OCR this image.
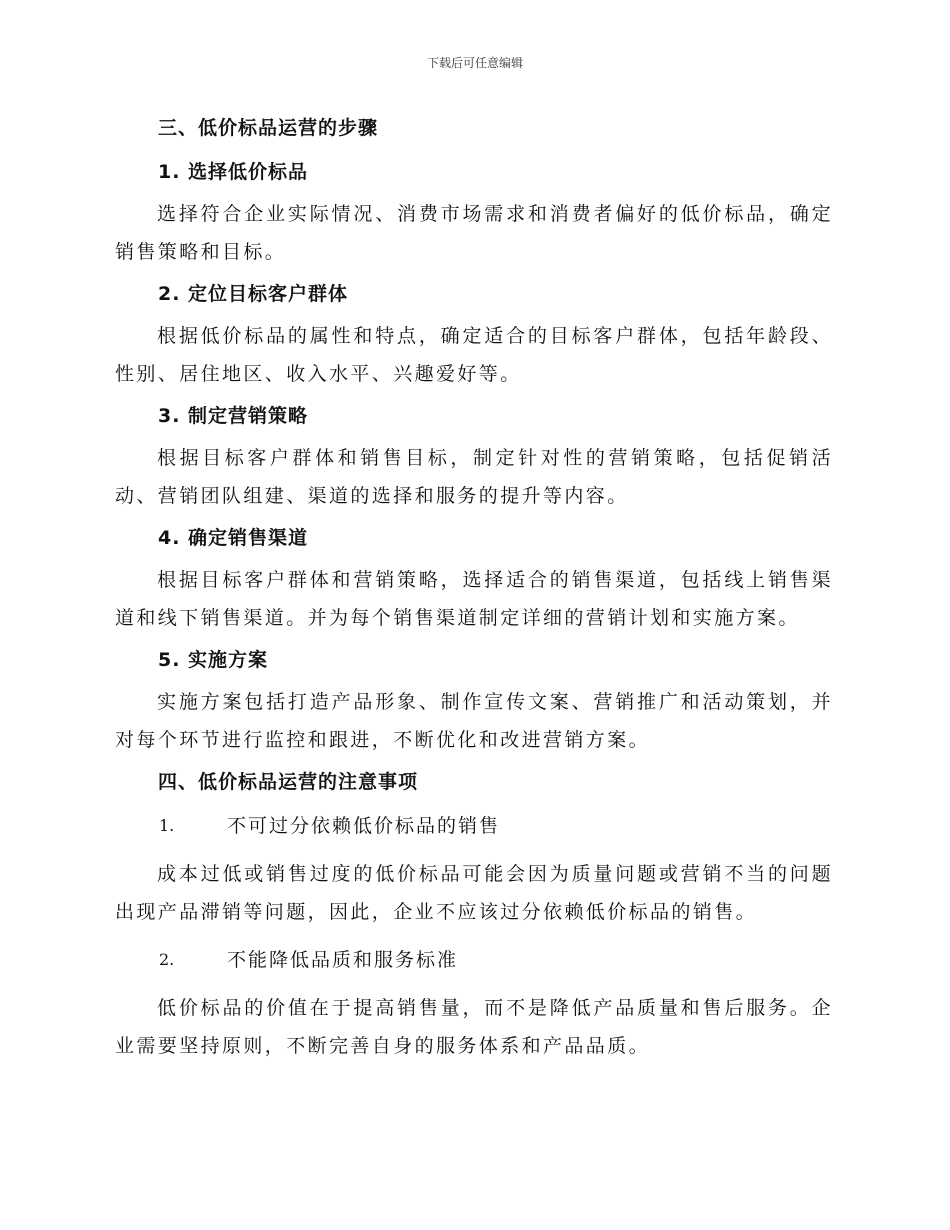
下载后可任意编辑
三、低价标品运营的步骤
1. 选择低价标品

选择符合企业实际情况、消费市场需求和消费者偏好的低价标品，确定销售策略和目标。

2. 定位目标客户群体

根据低价标品的属性和特点，确定适合的目标客户群体，包括年龄段、性别、居住地区、收入水平、兴趣爱好等。

3. 制定营销策略

根据目标客户群体和销售目标，制定针对性的营销策略，包括促销活动、营销团队组建、渠道的选择和服务的提升等内容。

4. 确定销售渠道

根据目标客户群体和营销策略，选择适合的销售渠道，包括线上销售渠道和线下销售渠道。并为每个销售渠道制定详细的营销计划和实施方案。

5. 实施方案

实施方案包括打造产品形象、制作宣传文案、营销推广和活动策划，并对每个环节进行监控和跟进，不断优化和改进营销方案。

四、低价标品运营的注意事项
1.	不可过分依赖低价标品的销售

成本过低或销售过度的低价标品可能会因为质量问题或营销不当的问题出现产品滞销等问题，因此，企业不应该过分依赖低价标品的销售。

2.	不能降低品质和服务标准

低价标品的价值在于提高销售量，而不是降低产品质量和售后服务。企业需要坚持原则，不断完善自身的服务体系和产品品质。
